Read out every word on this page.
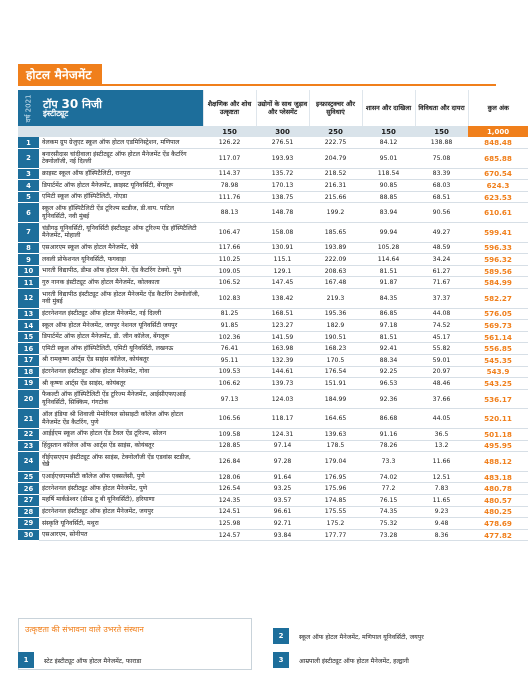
होटल मैनेजमेंट
वर्ष 2021 टॉप 30 निजी
इंस्टीट्यूट		शैक्षणिक और शोध उत्कृष्टता	उद्योगों के साथ जुड़ाव और प्लेसमेंट	इन्फ्रास्ट्रक्चर और सुविधाएं	शासन और दाखिला	विविधता और दायरा	कुल अंक
		150	300	250	150	150	1,000
1	वेलकम ग्रुप ग्रेजुएट स्कूल ऑफ होटल एडमिनिस्ट्रेशन, मणिपाल	126.22	276.51	222.75	84.12	138.88	848.48
2	बनारसीदास चांदीवाला इंस्टीट्यूट ऑफ होटल मैनेजमेंट ऐंड कैटरिंग टेक्नोलॉजी, नई दिल्ली	117.07	193.93	204.79	95.01	75.08	685.88
3	क्राइस्ट स्कूल ऑफ हॉस्पिटैलिटी, रानपुरा	114.37	135.72	218.52	118.54	83.39	670.54
4	डिपार्टमेंट ऑफ होटल मैनेजमेंट, क्राइस्ट यूनिवर्सिटी, बेंगलूरू	78.98	170.13	216.31	90.85	68.03	624.3
5	एमिटी स्कूल ऑफ हॉस्पिटैलिटी, नोएडा	111.76	138.75	215.66	88.85	68.51	623.53
6	स्कूल ऑफ हॉस्पिटैलिटी ऐंड टूरिज्म स्टडीज, डी.वाय. पाटिल यूनिवर्सिटी, नवी मुंबई	88.13	148.78	199.2	83.94	90.56	610.61
7	चंडीगढ़ यूनिवर्सिटी, यूनिवर्सिटी इंस्टीट्यूट ऑफ टूरिज्म ऐंड हॉस्पिटैलिटी मैनेजमेंट, मोहाली	106.47	158.08	185.65	99.94	49.27	599.41
8	एसआरएम स्कूल ऑफ होटल मैनेजमेंट, चेन्नै	117.66	130.91	193.89	105.28	48.59	596.33
9	लवली प्रोफेशनल यूनिवर्सिटी, फगवाड़ा	110.25	115.1	222.09	114.64	34.24	596.32
10	भारती विद्यापीठ, डीम्ड ऑफ होटल मैने. ऐंड कैटरिंग टेक्नो. पुणे	109.05	129.1	208.63	81.51	61.27	589.56
11	गुरु नानक इंस्टीट्यूट ऑफ होटल मैनेजमेंट, कोलकाता	106.52	147.45	167.48	91.87	71.67	584.99
12	भारती विद्यापीठ इंस्टीट्यूट ऑफ होटल मैनेजमेंट ऐंड कैटरिंग टेक्नोलॉजी, नवी मुंबई	102.83	138.42	219.3	84.35	37.37	582.27
13	इंटरनेशनल इंस्टीट्यूट ऑफ होटल मैनेजमेंट, नई दिल्ली	81.25	168.51	195.36	86.85	44.08	576.05
14	स्कूल ऑफ होटल मैनेजमेंट, जयपुर नेशनल यूनिवर्सिटी जयपुर	91.85	123.27	182.9	97.18	74.52	569.73
15	डिपार्टमेंट ऑफ होटल मैनेजमेंट, डी. जीन कॉलेज, बेंगलूरू	102.36	141.59	190.51	81.51	45.17	561.14
16	एमिटी स्कूल ऑफ हॉस्पिटैलिटी, एमिटी यूनिवर्सिटी, लखनऊ	76.41	163.98	168.23	92.41	55.82	556.85
17	श्री रामकृष्ण आर्ट्स ऐंड साइंस कॉलेज, कोयंबतूर	95.11	132.39	170.5	88.34	59.01	545.35
18	इंटरनेशनल इंस्टीट्यूट ऑफ होटल मैनेजमेंट, गोवा	109.53	144.61	176.54	92.25	20.97	543.9
19	श्री कृष्णा आर्ट्स ऐंड साइंस, कोयंबतूर	106.62	139.73	151.91	96.53	48.46	543.25
20	फैकल्टी ऑफ हॉस्पिटैलिटी ऐंड टूरिज्म मैनेजमेंट, आईसीएफएआई यूनिवर्सिटी, सिक्किम, गंगटोक	97.13	124.03	184.99	92.36	37.66	536.17
21	ऑल इंडिया श्री शिवाजी मेमोरियल सोसाइटी कॉलेज ऑफ होटल मैनेजमेंट ऐंड कैटरिंग, पुणे	106.56	118.17	164.65	86.68	44.05	520.11
22	आईईएम स्कूल ऑफ होटल ऐंड टैवल ऐंड टूरिज्म, सोलन	109.58	124.31	139.63	91.16	36.5	501.18
23	हिंदुस्तान कॉलेज ऑफ आर्ट्स ऐंड साइंस, कोयंबतूर	128.85	97.14	178.5	78.26	13.2	495.95
24	वीईएसएएम इंस्टीट्यूट ऑफ साइंस, टेक्नोलॉजी ऐंड एडवांस स्टडीज, चेन्नै	126.84	97.28	179.04	73.3	11.66	488.12
25	एआईएचएमसीटी कॉलेज ऑफ एक्सलेंसी, पुणे	128.06	91.64	176.95	74.02	12.51	483.18
26	इंटरनेशनल इंस्टीट्यूट ऑफ होटल मैनेजमेंट, पुणे	126.54	93.25	175.96	77.2	7.83	480.78
27	महर्षि मार्कंडेश्वर (डीम्ड टू बी यूनिवर्सिटी), हरियाणा	124.35	93.57	174.85	76.15	11.65	480.57
28	इंटरनेशनल इंस्टीट्यूट ऑफ होटल मैनेजमेंट, जयपुर	124.51	96.61	175.55	74.35	9.23	480.25
29	संस्कृति यूनिवर्सिटी, मथुरा	125.98	92.71	175.2	75.32	9.48	478.69
30	एसआरएम, सोनीपत	124.57	93.84	177.77	73.28	8.36	477.82
उत्कृष्टता की संभावना वाले उभरते संस्थान
1	स्टेट इंस्टीट्यूट ऑफ होटल मैनेजमेंट, फाराडा
2	स्कूल ऑफ होटल मैनेजमेंट, मणिपाल यूनिवर्सिटी, जयपुर
3	आम्रपाली इंस्टीट्यूट ऑफ होटल मैनेजमेंट, हल्द्वानी
